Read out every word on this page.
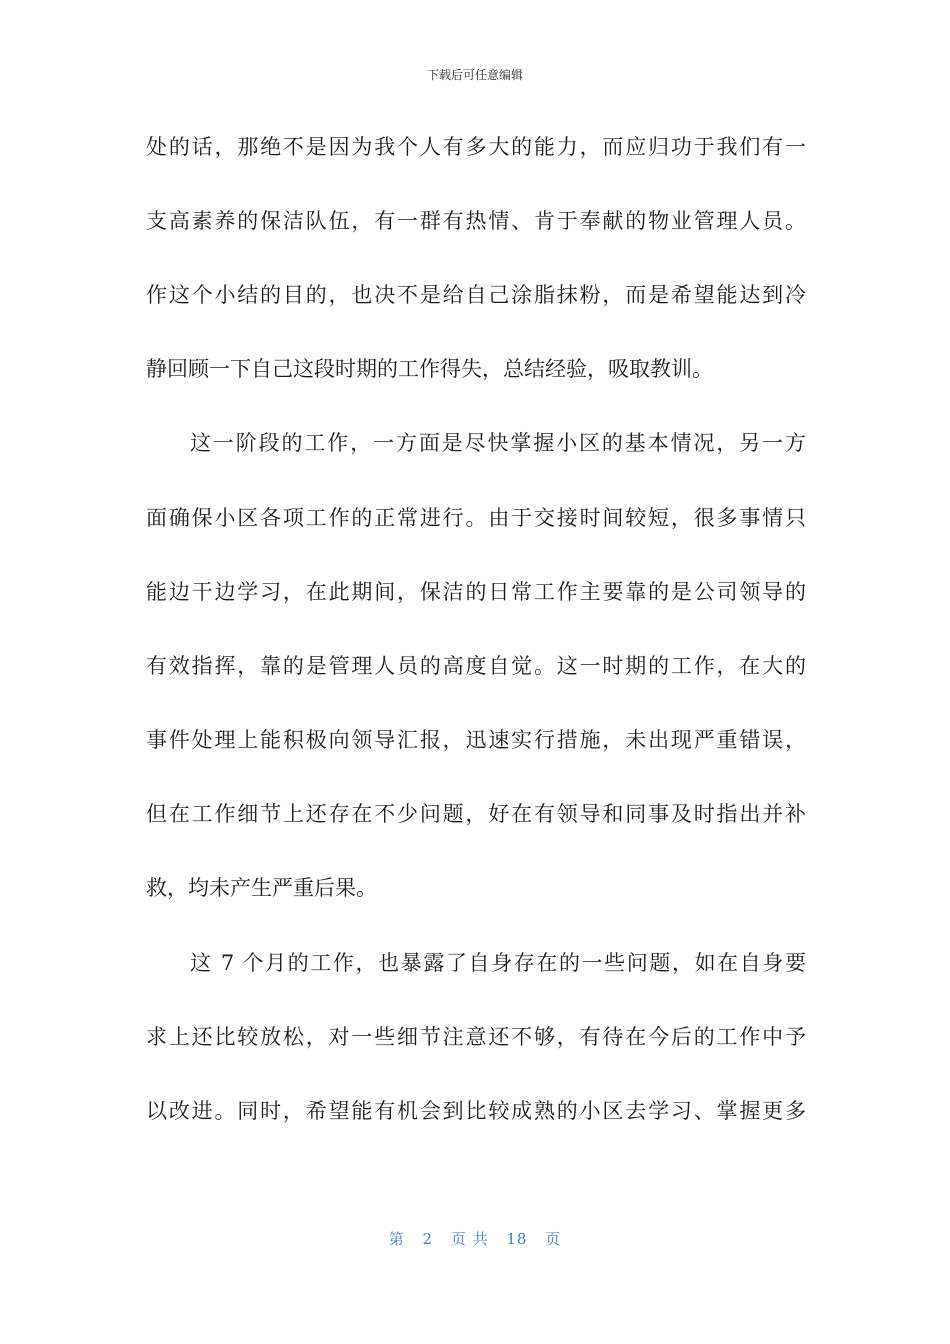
下载后可任意编辑
处的话，那绝不是因为我个人有多大的能力，而应归功于我们有一
支高素养的保洁队伍，有一群有热情、肯于奉献的物业管理人员。
作这个小结的目的，也决不是给自己涂脂抹粉，而是希望能达到冷
静回顾一下自己这段时期的工作得失，总结经验，吸取教训。
这一阶段的工作，一方面是尽快掌握小区的基本情况，另一方
面确保小区各项工作的正常进行。由于交接时间较短，很多事情只
能边干边学习，在此期间，保洁的日常工作主要靠的是公司领导的
有效指挥，靠的是管理人员的高度自觉。这一时期的工作，在大的
事件处理上能积极向领导汇报，迅速实行措施，未出现严重错误，
但在工作细节上还存在不少问题，好在有领导和同事及时指出并补
救，均未产生严重后果。
这 7 个月的工作，也暴露了自身存在的一些问题，如在自身要
求上还比较放松，对一些细节注意还不够，有待在今后的工作中予
以改进。同时，希望能有机会到比较成熟的小区去学习、掌握更多
第 2 页 共 18 页
